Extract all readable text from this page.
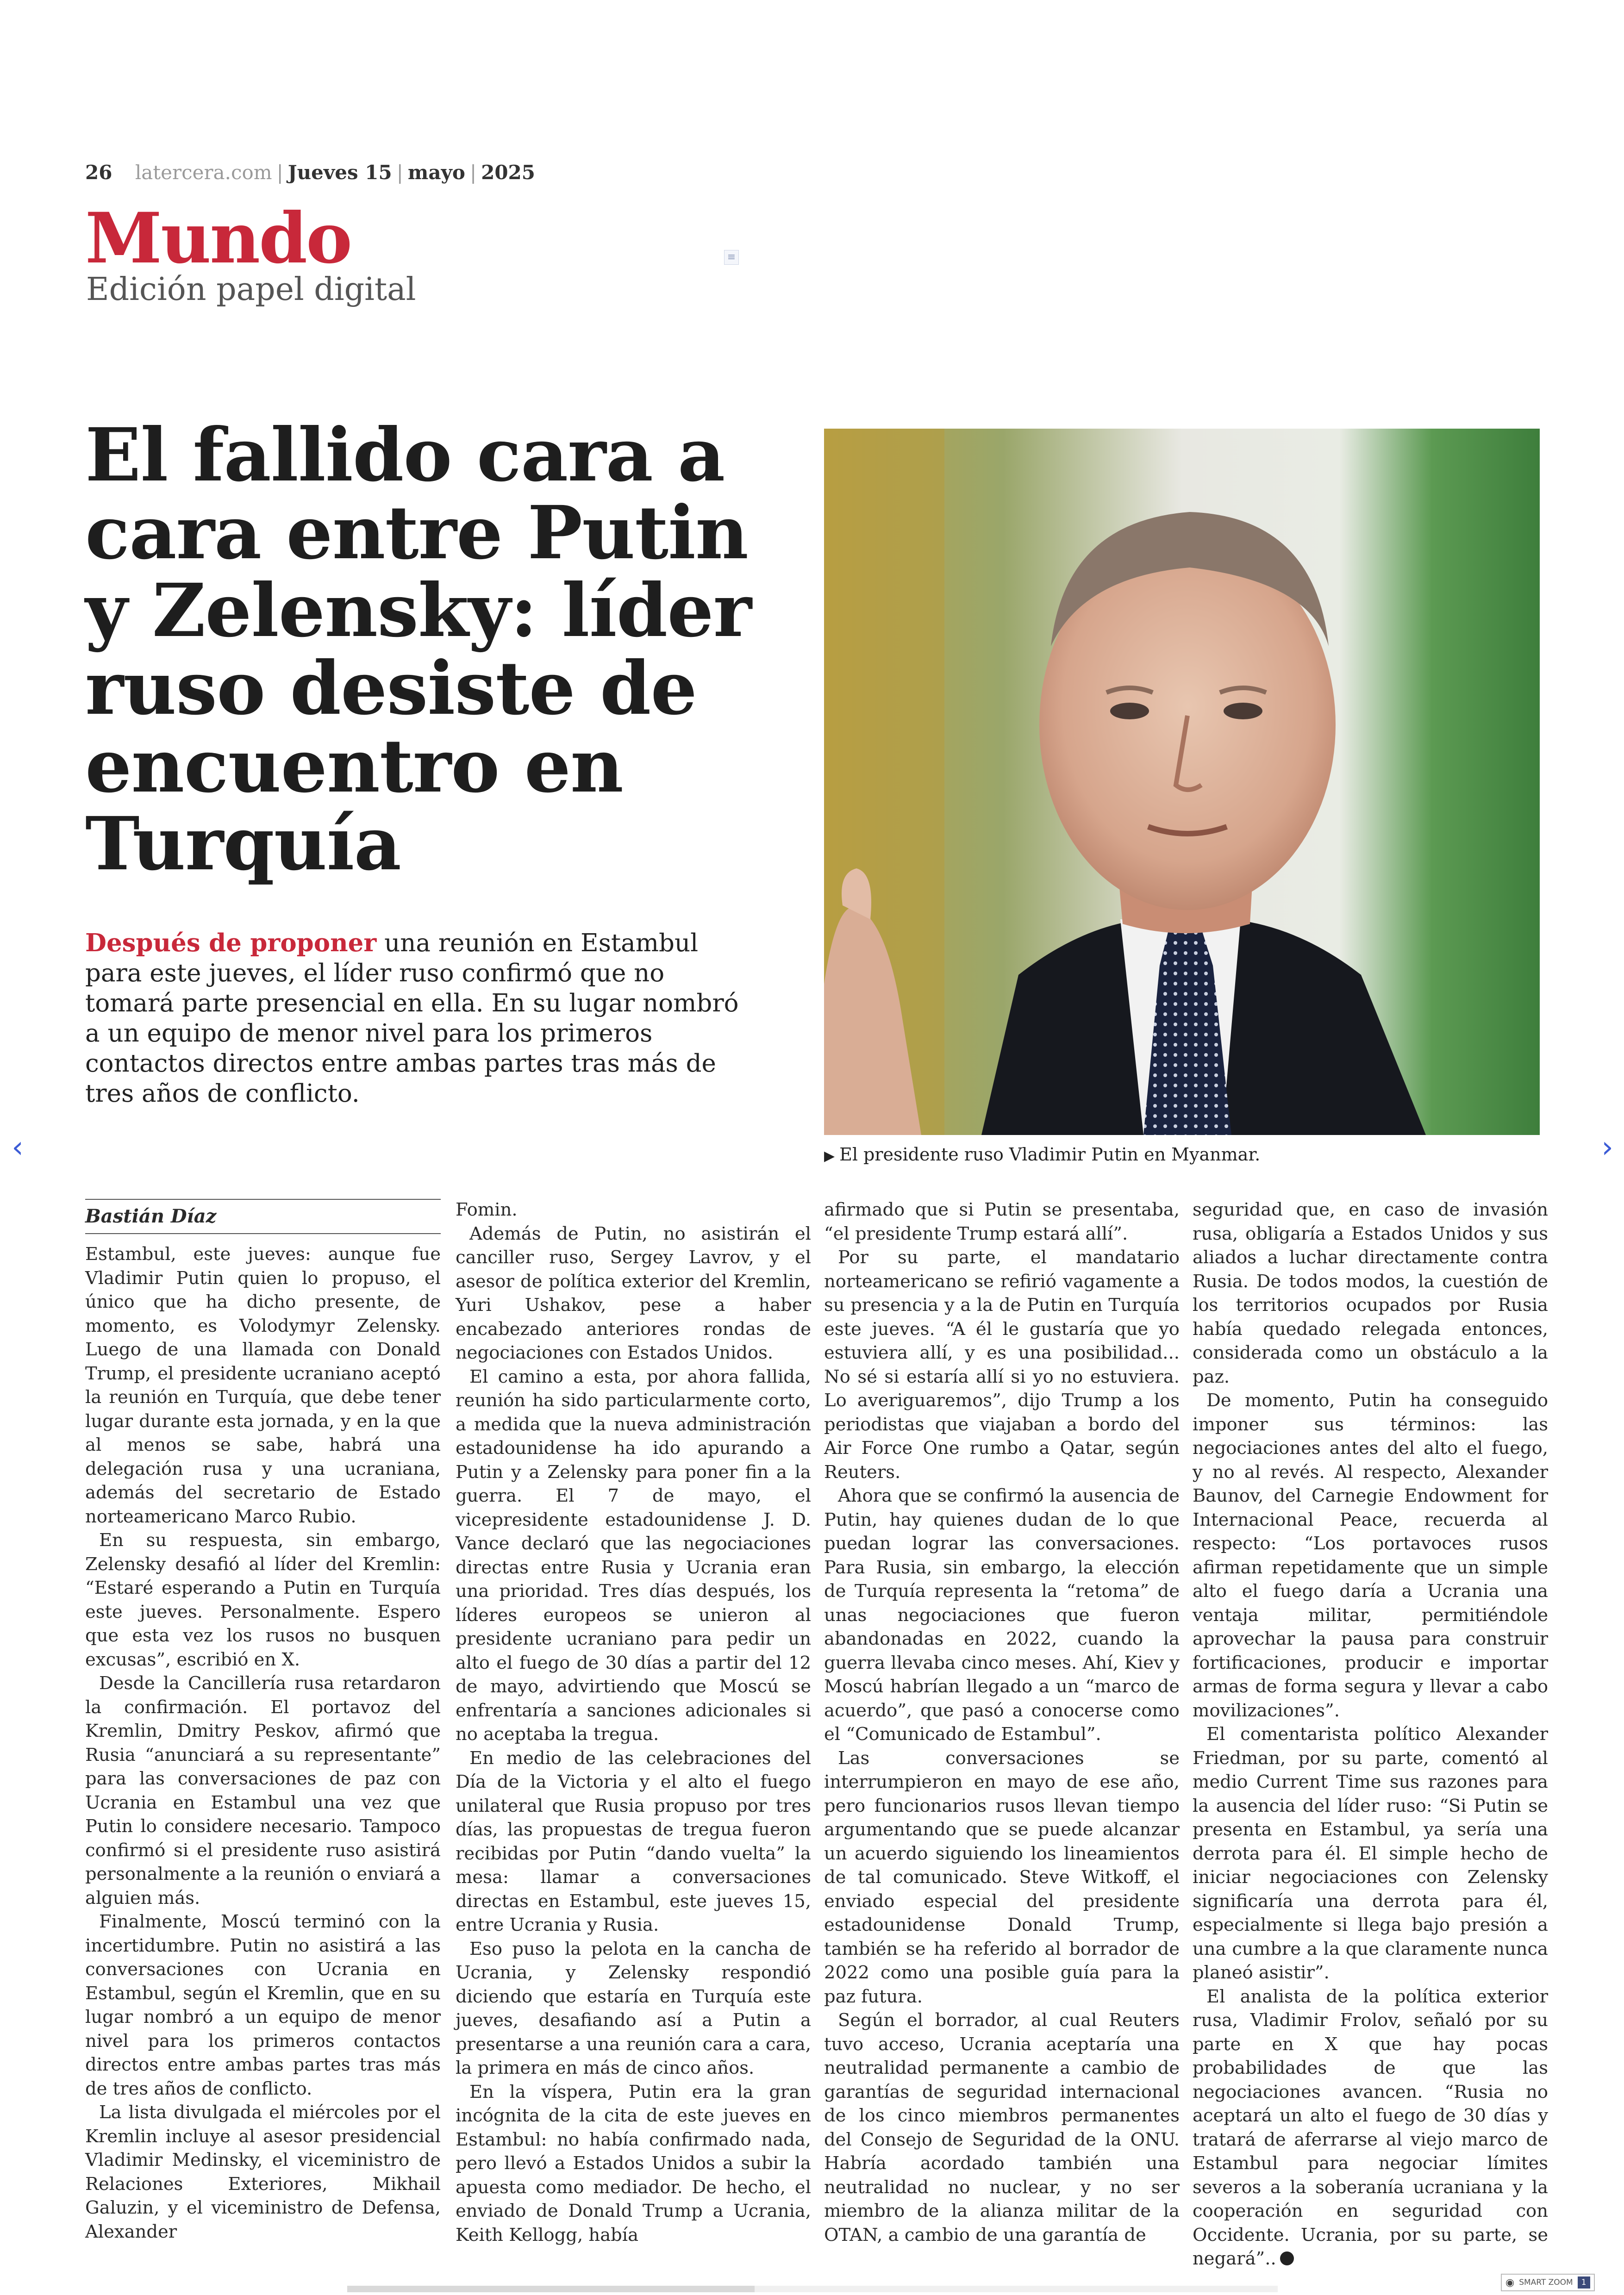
26 latercera.com | Jueves 15 | mayo | 2025
Mundo
Edición papel digital
≡
El fallido cara a cara entre Putin y Zelensky: líder ruso desiste de encuentro en Turquía
Después de proponer una reunión en Estambul para este jueves, el líder ruso confirmó que no tomará parte presencial en ella. En su lugar nombró a un equipo de menor nivel para los primeros contactos directos entre ambas partes tras más de tres años de conflicto.
▶ El presidente ruso Vladimir Putin en Myanmar.
Bastián Díaz

Estambul, este jueves: aunque fue Vladimir Putin quien lo propuso, el único que ha dicho presente, de momento, es Volodymyr Zelensky. Luego de una llamada con Donald Trump, el presidente ucraniano aceptó la reunión en Turquía, que debe tener lugar durante esta jornada, y en la que al menos se sabe, habrá una delegación rusa y una ucraniana, además del secretario de Estado norteamericano Marco Rubio.

En su respuesta, sin embargo, Zelensky desafió al líder del Kremlin: “Estaré esperando a Putin en Turquía este jueves. Personalmente. Espero que esta vez los rusos no busquen excusas”, escribió en X.

Desde la Cancillería rusa retardaron la confirmación. El portavoz del Kremlin, Dmitry Peskov, afirmó que Rusia “anunciará a su representante” para las conversaciones de paz con Ucrania en Estambul una vez que Putin lo considere necesario. Tampoco confirmó si el presidente ruso asistirá personalmente a la reunión o enviará a alguien más.

Finalmente, Moscú terminó con la incertidumbre. Putin no asistirá a las conversaciones con Ucrania en Estambul, según el Kremlin, que en su lugar nombró a un equipo de menor nivel para los primeros contactos directos entre ambas partes tras más de tres años de conflicto.

La lista divulgada el miércoles por el Kremlin incluye al asesor presidencial Vladimir Medinsky, el viceministro de Relaciones Exteriores, Mikhail Galuzin, y el viceministro de Defensa, Alexander

Fomin.

Además de Putin, no asistirán el canciller ruso, Sergey Lavrov, y el asesor de política exterior del Kremlin, Yuri Ushakov, pese a haber encabezado anteriores rondas de negociaciones con Estados Unidos.

El camino a esta, por ahora fallida, reunión ha sido particularmente corto, a medida que la nueva administración estadounidense ha ido apurando a Putin y a Zelensky para poner fin a la guerra. El 7 de mayo, el vicepresidente estadounidense J. D. Vance declaró que las negociaciones directas entre Rusia y Ucrania eran una prioridad. Tres días después, los líderes europeos se unieron al presidente ucraniano para pedir un alto el fuego de 30 días a partir del 12 de mayo, advirtiendo que Moscú se enfrentaría a sanciones adicionales si no aceptaba la tregua.

En medio de las celebraciones del Día de la Victoria y el alto el fuego unilateral que Rusia propuso por tres días, las propuestas de tregua fueron recibidas por Putin “dando vuelta” la mesa: llamar a conversaciones directas en Estambul, este jueves 15, entre Ucrania y Rusia.

Eso puso la pelota en la cancha de Ucrania, y Zelensky respondió diciendo que estaría en Turquía este jueves, desafiando así a Putin a presentarse a una reunión cara a cara, la primera en más de cinco años.

En la víspera, Putin era la gran incógnita de la cita de este jueves en Estambul: no había confirmado nada, pero llevó a Estados Unidos a subir la apuesta como mediador. De hecho, el enviado de Donald Trump a Ucrania, Keith Kellogg, había

afirmado que si Putin se presentaba, “el presidente Trump estará allí”.

Por su parte, el mandatario norteamericano se refirió vagamente a su presencia y a la de Putin en Turquía este jueves. “A él le gustaría que yo estuviera allí, y es una posibilidad... No sé si estaría allí si yo no estuviera. Lo averiguaremos”, dijo Trump a los periodistas que viajaban a bordo del Air Force One rumbo a Qatar, según Reuters.

Ahora que se confirmó la ausencia de Putin, hay quienes dudan de lo que puedan lograr las conversaciones. Para Rusia, sin embargo, la elección de Turquía representa la “retoma” de unas negociaciones que fueron abandonadas en 2022, cuando la guerra llevaba cinco meses. Ahí, Kiev y Moscú habrían llegado a un “marco de acuerdo”, que pasó a conocerse como el “Comunicado de Estambul”.

Las conversaciones se interrumpieron en mayo de ese año, pero funcionarios rusos llevan tiempo argumentando que se puede alcanzar un acuerdo siguiendo los lineamientos de tal comunicado. Steve Witkoff, el enviado especial del presidente estadounidense Donald Trump, también se ha referido al borrador de 2022 como una posible guía para la paz futura.

Según el borrador, al cual Reuters tuvo acceso, Ucrania aceptaría una neutralidad permanente a cambio de garantías de seguridad internacional de los cinco miembros permanentes del Consejo de Seguridad de la ONU. Habría acordado también una neutralidad no nuclear, y no ser miembro de la alianza militar de la OTAN, a cambio de una garantía de

seguridad que, en caso de invasión rusa, obligaría a Estados Unidos y sus aliados a luchar directamente contra Rusia. De todos modos, la cuestión de los territorios ocupados por Rusia había quedado relegada entonces, considerada como un obstáculo a la paz.

De momento, Putin ha conseguido imponer sus términos: las negociaciones antes del alto el fuego, y no al revés. Al respecto, Alexander Baunov, del Carnegie Endowment for Internacional Peace, recuerda al respecto: “Los portavoces rusos afirman repetidamente que un simple alto el fuego daría a Ucrania una ventaja militar, permitiéndole aprovechar la pausa para construir fortificaciones, producir e importar armas de forma segura y llevar a cabo movilizaciones”.

El comentarista político Alexander Friedman, por su parte, comentó al medio Current Time sus razones para la ausencia del líder ruso: “Si Putin se presenta en Estambul, ya sería una derrota para él. El simple hecho de iniciar negociaciones con Zelensky significaría una derrota para él, especialmente si llega bajo presión a una cumbre a la que claramente nunca planeó asistir”.

El analista de la política exterior rusa, Vladimir Frolov, señaló por su parte en X que hay pocas probabilidades de que las negociaciones avancen. “Rusia no aceptará un alto el fuego de 30 días y tratará de aferrarse al viejo marco de Estambul para negociar límites severos a la soberanía ucraniana y la cooperación en seguridad con Occidente. Ucrania, por su parte, se negará”..

‹	›
◉ SMART ZOOM	1
